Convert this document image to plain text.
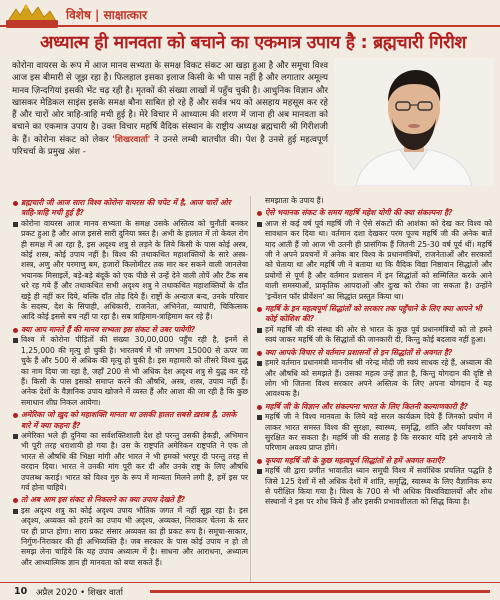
विशेष | साक्षात्कार
अध्यात्म ही मानवता को बचाने का एकमात्र उपाय है : ब्रह्मचारी गिरीश
कोरोना वायरस के रूप में आज मानव सभ्यता के समक्ष विकट संकट आ खड़ा हुआ है और समूचा विश्व आज इस बीमारी से जूझ रहा है। फिलहाल इसका इलाज किसी के भी पास नहीं है और लगातार अमूल्य मानव ज़िन्दगियां इसकी भेंट चढ़ रही है। मृतकों की संख्या लाखों में पहुँच चुकी है। आधुनिक विज्ञान और खासकर मेडिकल साइंस इसके समक्ष बौना साबित हो रहे हैं और सर्वत्र भय को असहाय महसूस कर रहे हैं और चारों ओर त्राहि-त्राहि मची हुई है। मेरे विचार में आध्यात्म की शरण में जाना ही अब मानवता को बचाने का एकमात्र उपाय है। उक्त विचार महर्षि वैदिक संस्थान के राष्ट्रीय अध्यक्ष ब्रह्मचारी श्री गिरीशजी के हैं। कोरोना संकट को लेकर 'शिखरवार्ता' ने उनसे लम्बी बातचीत की। पेश है उनसे हुई महत्वपूर्ण परिचर्चा के प्रमुख अंश -
ब्रह्मचारी जी आज सारा विश्व कोरोना वायरस की चपेट में है, आज चारों ओर त्राहि-त्राहि मची हुई है?
कोरोना वायरस आज मानव सभ्यता के समक्ष उसके अस्तित्व को चुनौती बनकर प्रकट हुआ है और आज इससे सारी दुनिया त्रस्त है। अभी के हालात में तो केवल रोग ही समक्ष में आ रहा है, इस अदृश्य शत्रु से लड़ने के लिये किसी के पास कोई अस्त्र, कोई शस्त्र, कोई उपाय नहीं है। विश्व की तथाकथित महाशक्तियों के सारे अस्त्र-शस्त्र, अणु और परमाणु बम, हजारों किलोमीटर तक मार कर सकने वाली जानलेवा भयानक मिसाइलें, बड़े-बड़े बंदूकें को एक पीछे से उन्हें देने वाली तोपें और टैंक सब धरे रह गये हैं और तथाकथित सभी अदृश्य शत्रु ने तथाकथित महाशक्तियों के दाँत खट्टे ही नहीं कर दिये, बल्कि दाँत तोड़ दिये हैं। राष्ट्रों के अन्दाज बन्द, उनके परिवार के सदस्य, देश के सिपाही, अधिकारी, राजनेता, अभिनेता, व्यापारी, चिकित्सक आदि कोई इससे बच नहीं पा रहा है। सब त्राहिमाम-त्राहिमाम कर रहे हैं।
क्या आप मानते हैं की मानव सभ्यता इस संकट से उबर पायेगी?
विश्व में कोरोना पीड़ितों की संख्या 30,00,000 पहुँच रही है, इनमें से 1,25,000 की मृत्यु हो चुकी है। भारतवर्ष में भी लगभग 15000 से ऊपर जा चुके हैं और 500 से अधिक की मृत्यु हो चुकी है। इस महामारी को तीसरे विश्व युद्ध का नाम दिया जा रहा है, जहाँ 200 से भी अधिक देश अदृश्य शत्रु से युद्ध कर रहे हैं। किसी के पास इसको समाप्त करने की औषधि, अस्त्र, शस्त्र, उपाय नहीं हैं। अनेक देशों के वैज्ञानिक उपाय खोजने में व्यस्त हैं और आशा की जा रही है कि कुछ समाधान शीघ्र निकल आयेगा।
अमेरिका जो ख़ुद को महाशक्ति मानता था उसकी हालत सबसे ख़राब है, उसके बारे में क्या कहना है?
अमेरिका भले ही दुनिया का सर्वशक्तिशाली देश हो परन्तु उसकी हेकड़ी, अभिमान भी पूरी तरह धराशायी हो गया है। उस के राष्ट्रपति अमेरिकन राष्ट्रपति ने एक तो भारत से औषधि की भिक्षा मांगी और भारत ने भी हमको भरपूर दी परन्तु तरह से वरदान दिया। भारत ने उनकी मांग पूरी कर दी और उनके राष्ट्र के लिए औषधि उपलब्ध कराई। भारत को विश्व गुरु के रूप में मान्यता मिलने लगी है, हमें इस पर गर्व होना चाहिये।
तो अब आम इस संकट से निकलने का क्या उपाय देखते हैं?
इस अदृश्य शत्रु का कोई अदृश्य उपाय भौतिक जगत में नहीं सूझ रहा है। इस अदृश्य, अव्यक्त को हराने का उपाय भी अदृश्य, अव्यक्त, निराकार चेतना के स्तर पर ही प्राप्त होगा। सारा प्रकट संसार अव्यक्त का ही प्रकट रूप है। समूचा-साकार, निर्गुण-निराकार की ही अभिव्यक्ति है। जब सरकार के पास कोई उपाय न हो तो समझ लेना चाहिये कि यह उपाय अध्यात्म में है। साधना और आराधना, अध्यात्म और आध्यात्मिक ज्ञान ही मानवता को बचा सकते हैं।
समझाता के उपाय हैं।
ऐसे भयानक संकट के समय महर्षि महेश योगी की क्या संकल्पना है?
आज से कई वर्ष पूर्व महर्षि जी ने ऐसे संकटों की आशंका को देख कर विश्व को सावधान कर दिया था। वर्तमान दशा देखकर परम पूज्य महर्षि जी की अनेक बातें याद आती हैं जो आज भी उतनी ही प्रासंगिक हैं जितनी 25-30 वर्ष पूर्व थीं। महर्षि जी ने अपने प्रवचनों में अनेक बार विश्व के प्रधानमंत्रियों, राजनेताओं और सरकारों को चेताया था और महर्षि जी ने बताया था कि वैदिक विद्या निष्ठावान सिद्धांतों और प्रयोगों से पूर्ण है और वर्तमान प्रशासन में इन सिद्धांतों को सम्मिलित करके आने वाली समस्याओं, प्राकृतिक आपदाओं और दुःख को रोका जा सकता है। उन्होंने 'इन्वेंशन फॉर प्रीवेंशन' का सिद्धांत प्रस्तुत किया था।
महर्षि के इन महत्वपूर्ण सिद्धांतों को सरकार तक पहुँचाने के लिए क्या आपने भी कोई कोशिश की?
हमें महर्षि जी की संस्था की ओर से भारत के कुछ पूर्व प्रधानमंत्रियों को तो हमने स्वयं जाकर महर्षि जी के सिद्धांतों की जानकारी दी, किन्तु कोई बदलाव नहीं हुआ।
क्या आपके विचार से वर्तमान प्रशासनों से इन सिद्धांतों से अवगत है?
हमारे वर्तमान प्रधानमंत्री माननीय श्री नरेन्द्र मोदी जी स्वयं साधक रहे हैं, अध्यात्म की और औषधि को समझते हैं। उसका महत्व उन्हें ज्ञात है, किन्तु योगदान की दृष्टि से लोग भी जितना विश्व सरकार अपने अस्तित्व के लिए अपना योगदान दें यह आवश्यक है।
महर्षि जी के विज्ञान और संकल्पना भारत के लिए कितनी कल्याणकारी है?
महर्षि जी ने विश्व मानवता के लिये बड़े सरल कार्यक्रम दिये हैं जिनको प्रयोग में लाकर भारत समस्त विश्व की सुरक्षा, स्वास्थ्य, समृद्धि, शांति और पर्यावरण को सुरक्षित कर सकता है। महर्षि जी की सलाह है कि सरकार यदि इसे अपनाये तो परिणाम अवश्य प्राप्त होंगे।
कृपया महर्षि जी के कुछ महत्वपूर्ण सिद्धांतों से हमें अवगत कराएँ?
महर्षि जी द्वारा प्रणीत भावातीत ध्यान समूची विश्व में सर्वाधिक प्रचलित पद्धति है जिसे 125 देशों में सौ अधिक देशों में शांति, समृद्धि, स्वास्थ्य के लिए वैज्ञानिक रूप से परीक्षित किया गया है। विश्व के 700 से भी अधिक विश्वविद्यालयों और शोध संस्थानों ने इस पर शोध किये हैं और इसकी प्रभावशीलता को सिद्ध किया है।
10 अप्रैल 2020 • शिखर वार्ता
